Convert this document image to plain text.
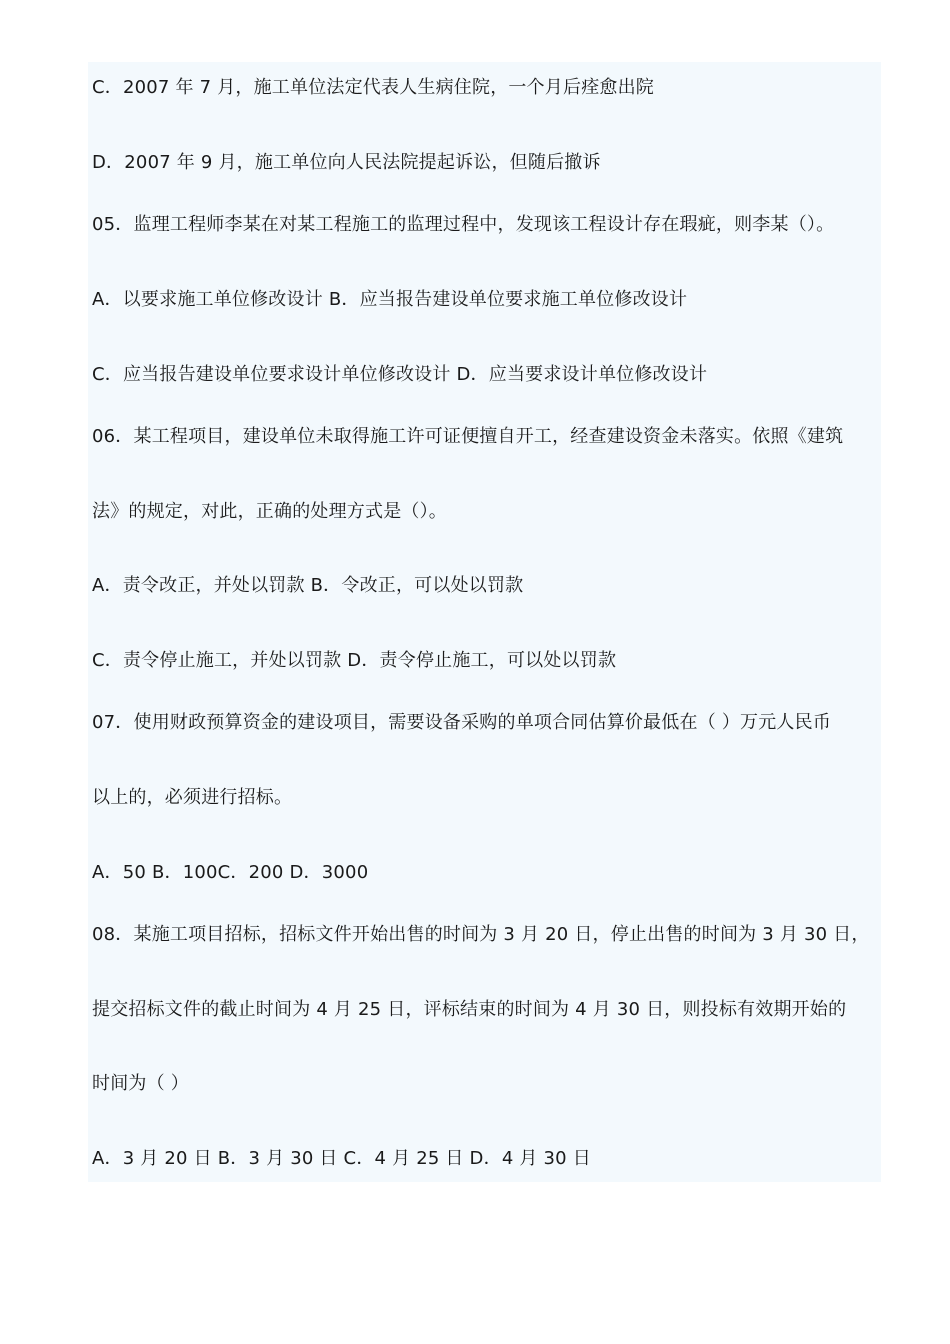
C．2007 年 7 月，施工单位法定代表人生病住院，一个月后痊愈出院
D．2007 年 9 月，施工单位向人民法院提起诉讼，但随后撤诉
05．监理工程师李某在对某工程施工的监理过程中，发现该工程设计存在瑕疵，则李某（）。
A．以要求施工单位修改设计 B．应当报告建设单位要求施工单位修改设计
C．应当报告建设单位要求设计单位修改设计 D．应当要求设计单位修改设计
06．某工程项目，建设单位未取得施工许可证便擅自开工，经查建设资金未落实。依照《建筑
法》的规定，对此，正确的处理方式是（）。
A．责令改正，并处以罚款 B．令改正，可以处以罚款
C．责令停止施工，并处以罚款 D．责令停止施工，可以处以罚款
07．使用财政预算资金的建设项目，需要设备采购的单项合同估算价最低在（ ）万元人民币
以上的，必须进行招标。
A．50 B．100C．200 D．3000
08．某施工项目招标，招标文件开始出售的时间为 3 月 20 日，停止出售的时间为 3 月 30 日，
提交招标文件的截止时间为 4 月 25 日，评标结束的时间为 4 月 30 日，则投标有效期开始的
时间为（ ）
A．3 月 20 日 B．3 月 30 日 C．4 月 25 日 D．4 月 30 日
